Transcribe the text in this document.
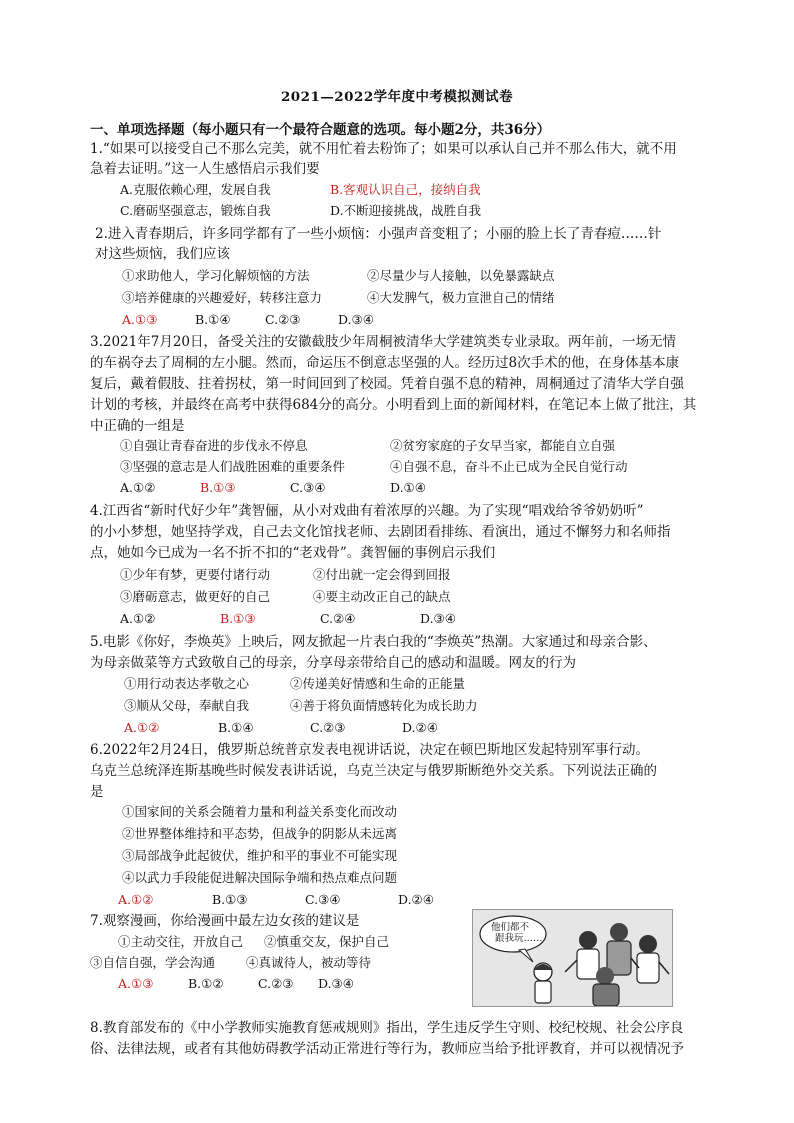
2021—2022学年度中考模拟测试卷
一、单项选择题（每小题只有一个最符合题意的选项。每小题2分，共36分）
1.“如果可以接受自己不那么完美，就不用忙着去粉饰了；如果可以承认自己并不那么伟大，就不用
急着去证明。”这一人生感悟启示我们要
A.克服依赖心理，发展自我	B.客观认识自己，接纳自我
C.磨砺坚强意志，锻炼自我	D.不断迎接挑战，战胜自我
2.进入青春期后，许多同学都有了一些小烦恼：小强声音变粗了；小丽的脸上长了青春痘……针
对这些烦恼，我们应该
①求助他人，学习化解烦恼的方法	②尽量少与人接触，以免暴露缺点
③培养健康的兴趣爱好，转移注意力	④大发脾气，极力宣泄自己的情绪
A.①③	B.①④	C.②③	D.③④
3.2021年7月20日，备受关注的安徽截肢少年周桐被清华大学建筑类专业录取。两年前，一场无情
的车祸夺去了周桐的左小腿。然而，命运压不倒意志坚强的人。经历过8次手术的他，在身体基本康
复后，戴着假肢、拄着拐杖，第一时间回到了校园。凭着自强不息的精神，周桐通过了清华大学自强
计划的考核，并最终在高考中获得684分的高分。小明看到上面的新闻材料，在笔记本上做了批注，其
中正确的一组是
①自强让青春奋进的步伐永不停息	②贫穷家庭的子女早当家，都能自立自强
③坚强的意志是人们战胜困难的重要条件	④自强不息，奋斗不止已成为全民自觉行动
A.①②	B.①③	C.③④	D.①④
4.江西省“新时代好少年”龚智俪，从小对戏曲有着浓厚的兴趣。为了实现“唱戏给爷爷奶奶听”
的小小梦想，她坚持学戏，自己去文化馆找老师、去剧团看排练、看演出，通过不懈努力和名师指
点，她如今已成为一名不折不扣的“老戏骨”。龚智俪的事例启示我们
①少年有梦，更要付诸行动	②付出就一定会得到回报
③磨砺意志，做更好的自己	④要主动改正自己的缺点
A.①②	B.①③	C.②④	D.③④
5.电影《你好，李焕英》上映后，网友掀起一片表白我的“李焕英”热潮。大家通过和母亲合影、
为母亲做菜等方式致敬自己的母亲，分享母亲带给自己的感动和温暖。网友的行为
①用行动表达孝敬之心	②传递美好情感和生命的正能量
③顺从父母，奉献自我	④善于将负面情感转化为成长助力
A.①②	B.①④	C.②③	D.②④
6.2022年2月24日，俄罗斯总统普京发表电视讲话说，决定在顿巴斯地区发起特别军事行动。
乌克兰总统泽连斯基晚些时候发表讲话说，乌克兰决定与俄罗斯断绝外交关系。下列说法正确的
是
①国家间的关系会随着力量和利益关系变化而改动
②世界整体维持和平态势，但战争的阴影从未远离
③局部战争此起彼伏，维护和平的事业不可能实现
④以武力手段能促进解决国际争端和热点难点问题
A.①②	B.①③	C.③④	D.②④
7.观察漫画，你给漫画中最左边女孩的建议是
①主动交往，开放自己 ②慎重交友，保护自己
③自信自强，学会沟通 ④真诚待人，被动等待
A.①③	B.①②	C.②③ D.③④
他们都不
跟我玩……
8.教育部发布的《中小学教师实施教育惩戒规则》指出，学生违反学生守则、校纪校规、社会公序良
俗、法律法规，或者有其他妨碍教学活动正常进行等行为，教师应当给予批评教育，并可以视情况予
